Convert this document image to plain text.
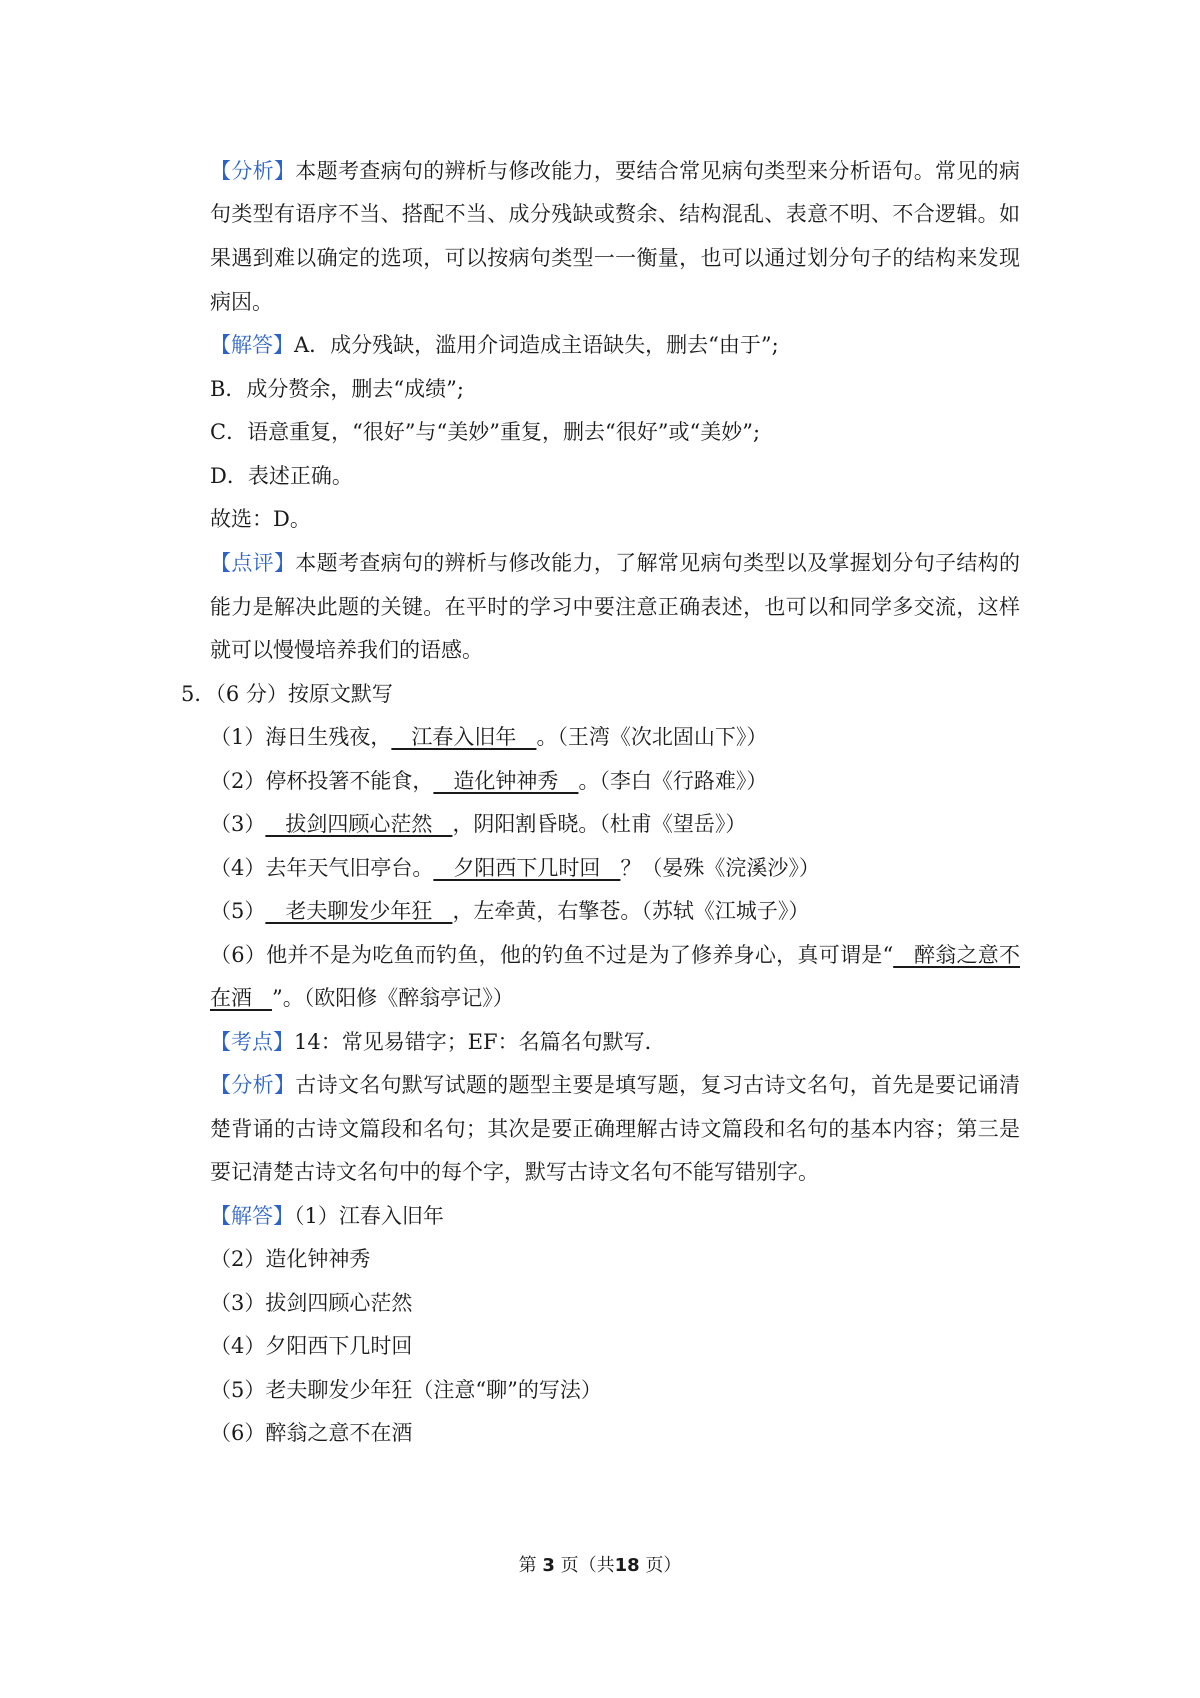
【分析】本题考查病句的辨析与修改能力，要结合常见病句类型来分析语句。常见的病
句类型有语序不当、搭配不当、成分残缺或赘余、结构混乱、表意不明、不合逻辑。如
果遇到难以确定的选项，可以按病句类型一一衡量，也可以通过划分句子的结构来发现
病因。
【解答】A．成分残缺，滥用介词造成主语缺失，删去“由于”;
B．成分赘余，删去“成绩”;
C．语意重复，“很好”与“美妙”重复，删去“很好”或“美妙”;
D．表述正确。
故选：D。
【点评】本题考查病句的辨析与修改能力，了解常见病句类型以及掌握划分句子结构的
能力是解决此题的关键。在平时的学习中要注意正确表述，也可以和同学多交流，这样
就可以慢慢培养我们的语感。
5．（6 分）按原文默写
（1）海日生残夜，   江春入旧年   。（王湾《次北固山下》）
（2）停杯投箸不能食，   造化钟神秀   。（李白《行路难》）
（3）   拔剑四顾心茫然   ，阴阳割昏晓。（杜甫《望岳》）
（4）去年天气旧亭台。   夕阳西下几时回   ？（晏殊《浣溪沙》）
（5）   老夫聊发少年狂   ，左牵黄，右擎苍。（苏轼《江城子》）
（6）他并不是为吃鱼而钓鱼，他的钓鱼不过是为了修养身心，真可谓是“   醉翁之意不
在酒   ”。（欧阳修《醉翁亭记》）
【考点】14：常见易错字；EF：名篇名句默写．
【分析】古诗文名句默写试题的题型主要是填写题，复习古诗文名句，首先是要记诵清
楚背诵的古诗文篇段和名句；其次是要正确理解古诗文篇段和名句的基本内容；第三是
要记清楚古诗文名句中的每个字，默写古诗文名句不能写错别字。
【解答】（1）江春入旧年
（2）造化钟神秀
（3）拔剑四顾心茫然
（4）夕阳西下几时回
（5）老夫聊发少年狂（注意“聊”的写法）
（6）醉翁之意不在酒
第 3 页（共18 页）
